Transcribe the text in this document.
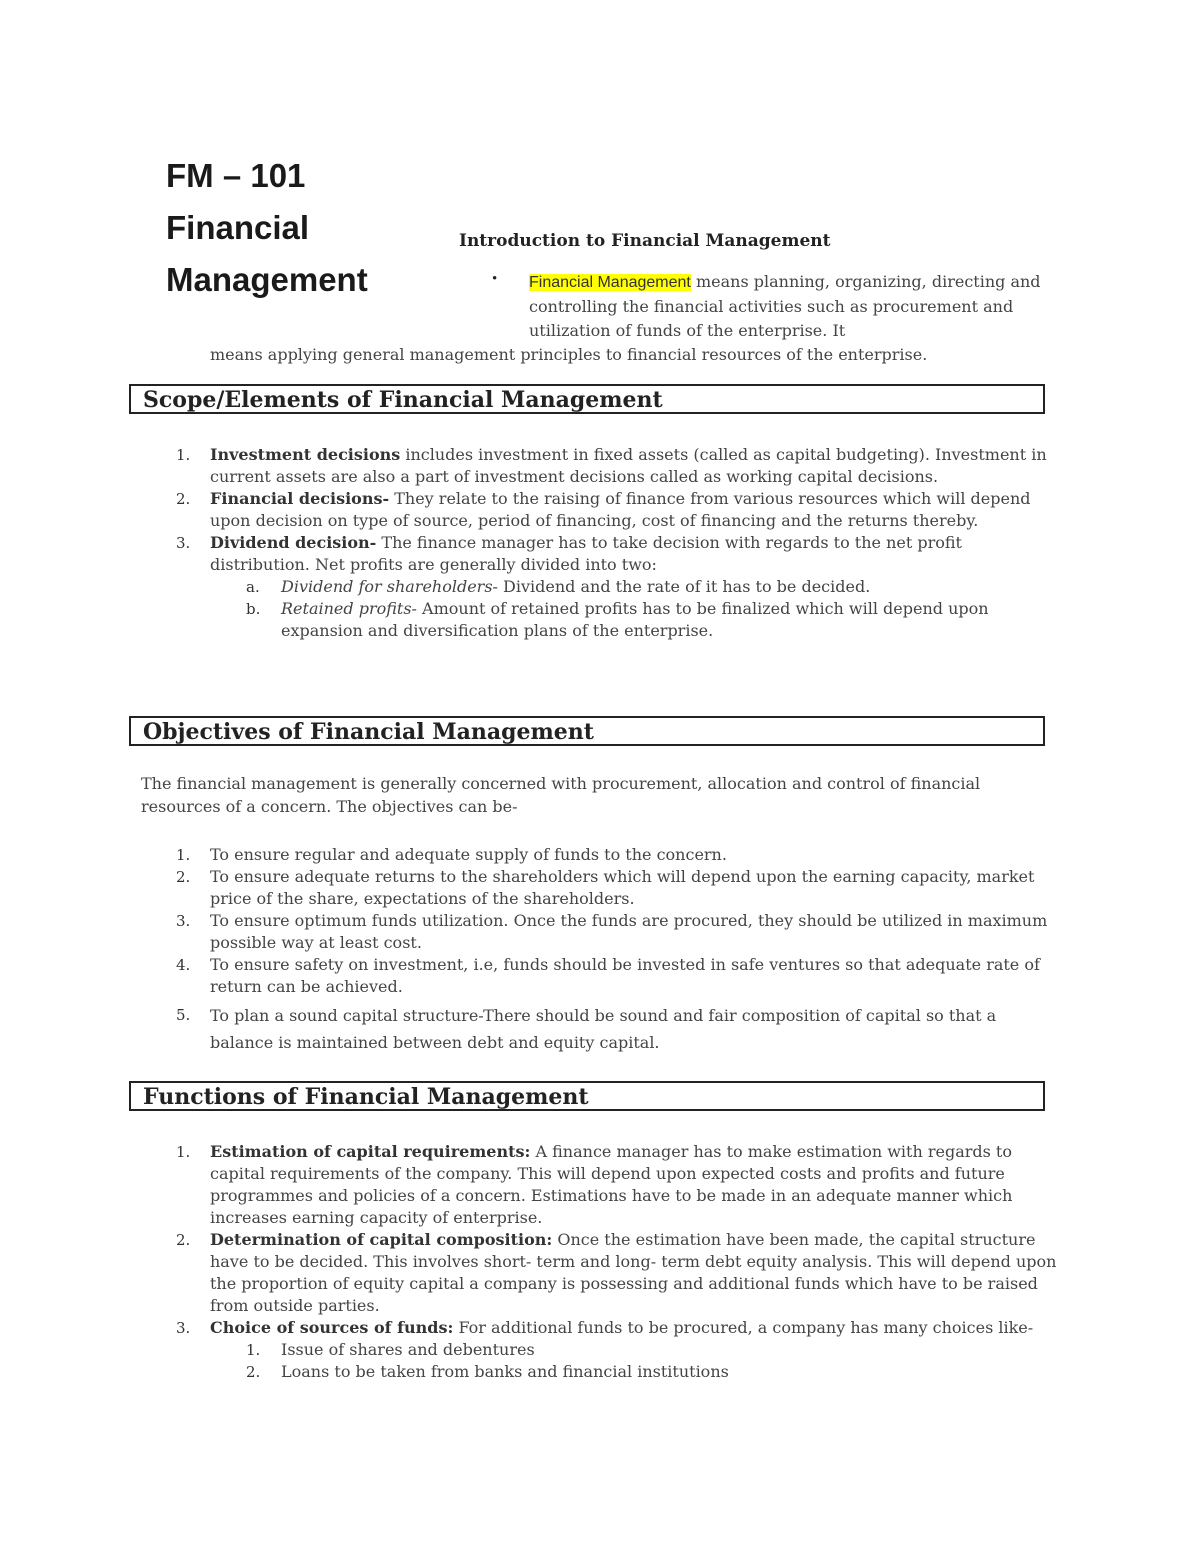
FM – 101
Financial
Management
Introduction to Financial Management
• Financial Management means planning, organizing, directing and controlling the financial activities such as procurement and utilization of funds of the enterprise. It
means applying general management principles to financial resources of the enterprise.
Scope/Elements of Financial Management
1.	Investment decisions includes investment in fixed assets (called as capital budgeting). Investment in current assets are also a part of investment decisions called as working capital decisions.
2.	Financial decisions- They relate to the raising of finance from various resources which will depend upon decision on type of source, period of financing, cost of financing and the returns thereby.
3.	Dividend decision- The finance manager has to take decision with regards to the net profit distribution. Net profits are generally divided into two:
a.	Dividend for shareholders- Dividend and the rate of it has to be decided.
b.	Retained profits- Amount of retained profits has to be finalized which will depend upon expansion and diversification plans of the enterprise.
Objectives of Financial Management
The financial management is generally concerned with procurement, allocation and control of financial resources of a concern. The objectives can be-
1.	To ensure regular and adequate supply of funds to the concern.
2.	To ensure adequate returns to the shareholders which will depend upon the earning capacity, market price of the share, expectations of the shareholders.
3.	To ensure optimum funds utilization. Once the funds are procured, they should be utilized in maximum possible way at least cost.
4.	To ensure safety on investment, i.e, funds should be invested in safe ventures so that adequate rate of return can be achieved.
5.	To plan a sound capital structure-There should be sound and fair composition of capital so that a balance is maintained between debt and equity capital.
Functions of Financial Management
1.	Estimation of capital requirements: A finance manager has to make estimation with regards to capital requirements of the company. This will depend upon expected costs and profits and future programmes and policies of a concern. Estimations have to be made in an adequate manner which increases earning capacity of enterprise.
2.	Determination of capital composition: Once the estimation have been made, the capital structure have to be decided. This involves short- term and long- term debt equity analysis. This will depend upon the proportion of equity capital a company is possessing and additional funds which have to be raised from outside parties.
3.	Choice of sources of funds: For additional funds to be procured, a company has many choices like-
1.	Issue of shares and debentures
2.	Loans to be taken from banks and financial institutions
